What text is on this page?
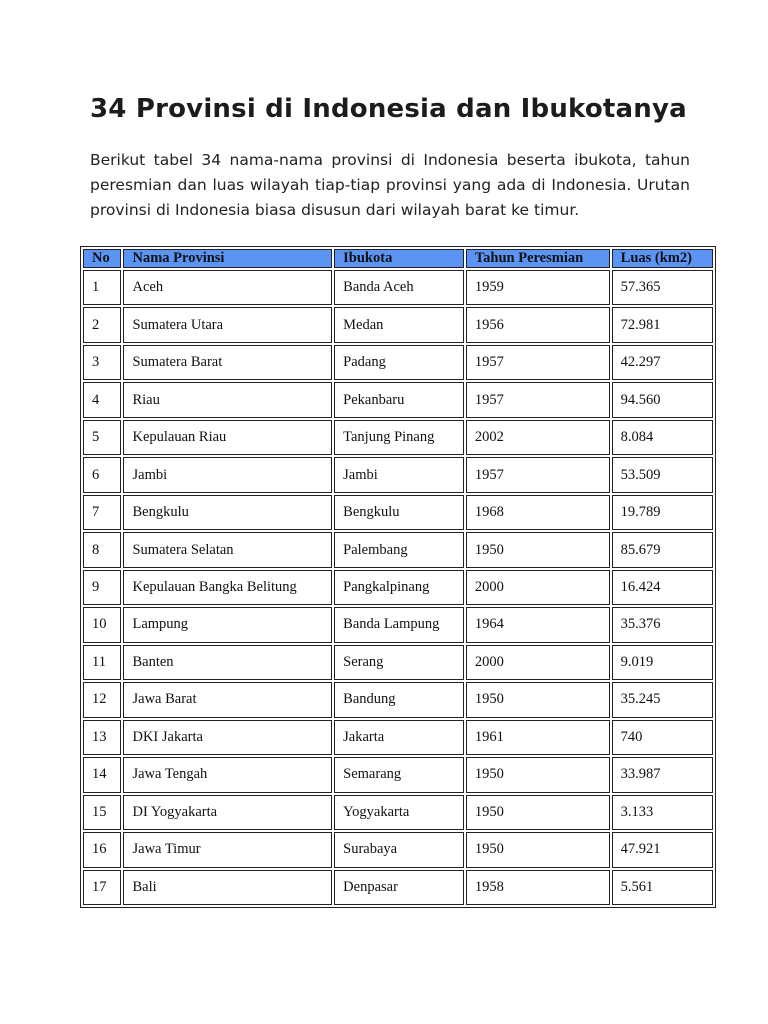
34 Provinsi di Indonesia dan Ibukotanya

Berikut tabel 34 nama-nama provinsi di Indonesia beserta ibukota, tahun peresmian dan luas wilayah tiap-tiap provinsi yang ada di Indonesia. Urutan provinsi di Indonesia biasa disusun dari wilayah barat ke timur.

No	Nama Provinsi	Ibukota	Tahun Peresmian	Luas (km2)
1	Aceh	Banda Aceh	1959	57.365
2	Sumatera Utara	Medan	1956	72.981
3	Sumatera Barat	Padang	1957	42.297
4	Riau	Pekanbaru	1957	94.560
5	Kepulauan Riau	Tanjung Pinang	2002	8.084
6	Jambi	Jambi	1957	53.509
7	Bengkulu	Bengkulu	1968	19.789
8	Sumatera Selatan	Palembang	1950	85.679
9	Kepulauan Bangka Belitung	Pangkalpinang	2000	16.424
10	Lampung	Banda Lampung	1964	35.376
11	Banten	Serang	2000	9.019
12	Jawa Barat	Bandung	1950	35.245
13	DKI Jakarta	Jakarta	1961	740
14	Jawa Tengah	Semarang	1950	33.987
15	DI Yogyakarta	Yogyakarta	1950	3.133
16	Jawa Timur	Surabaya	1950	47.921
17	Bali	Denpasar	1958	5.561
